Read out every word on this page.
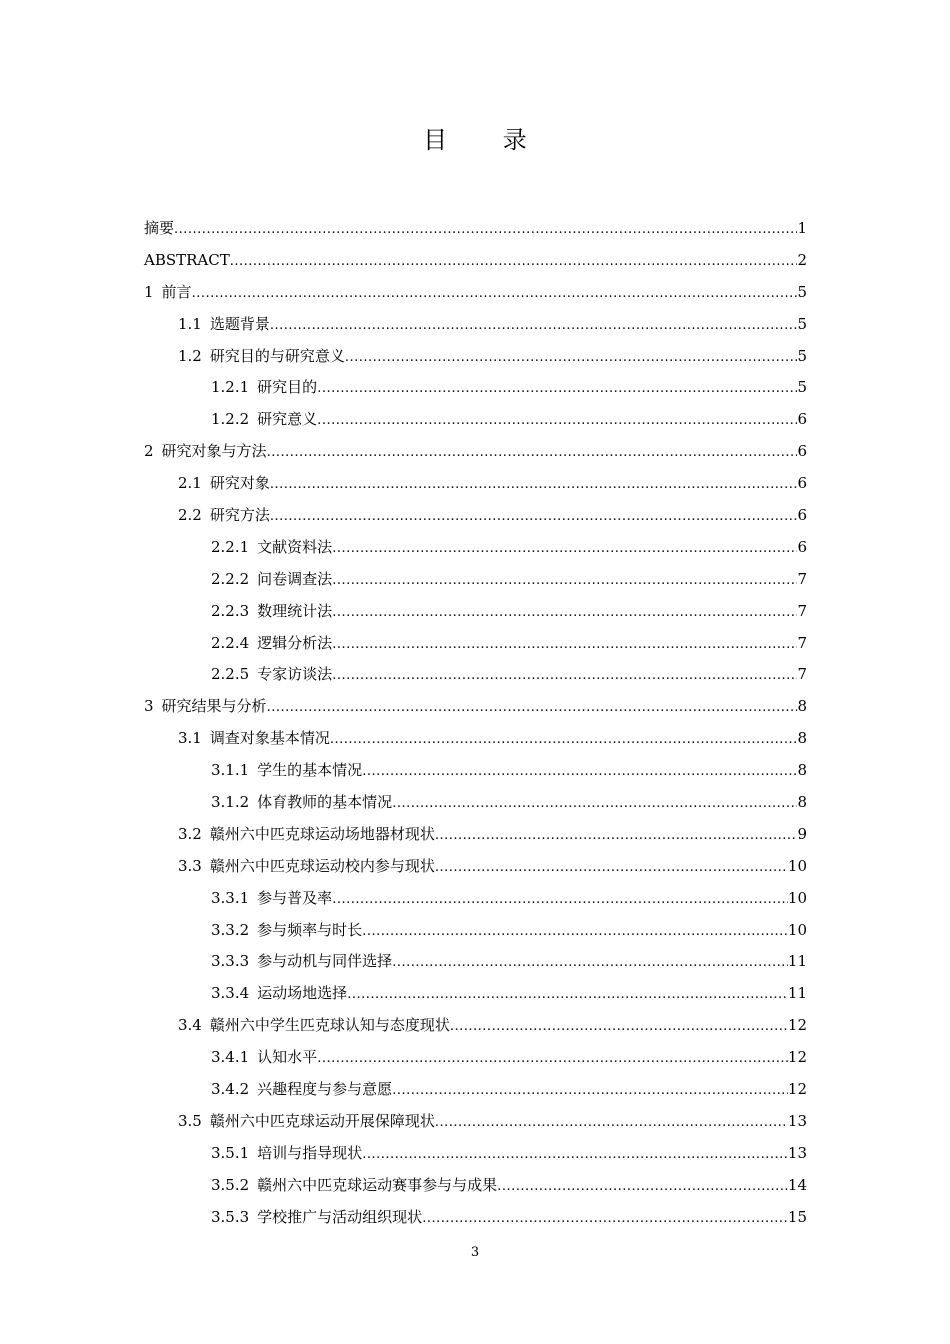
目 录
摘要 .....	1
ABSTRACT .....	2
1 前言 .....	5
1.1 选题背景 .....	5
1.2 研究目的与研究意义 .....	5
1.2.1 研究目的 .....	5
1.2.2 研究意义 .....	6
2 研究对象与方法 .....	6
2.1 研究对象 .....	6
2.2 研究方法 .....	6
2.2.1 文献资料法 .....	6
2.2.2 问卷调查法 .....	7
2.2.3 数理统计法 .....	7
2.2.4 逻辑分析法 .....	7
2.2.5 专家访谈法 .....	7
3 研究结果与分析 .....	8
3.1 调查对象基本情况 .....	8
3.1.1 学生的基本情况 .....	8
3.1.2 体育教师的基本情况 .....	8
3.2 赣州六中匹克球运动场地器材现状 .....	9
3.3 赣州六中匹克球运动校内参与现状 .....	10
3.3.1 参与普及率 .....	10
3.3.2 参与频率与时长 .....	10
3.3.3 参与动机与同伴选择 .....	11
3.3.4 运动场地选择 .....	11
3.4 赣州六中学生匹克球认知与态度现状 .....	12
3.4.1 认知水平 .....	12
3.4.2 兴趣程度与参与意愿 .....	12
3.5 赣州六中匹克球运动开展保障现状 .....	13
3.5.1 培训与指导现状 .....	13
3.5.2 赣州六中匹克球运动赛事参与与成果 .....	14
3.5.3 学校推广与活动组织现状 .....	15
3
